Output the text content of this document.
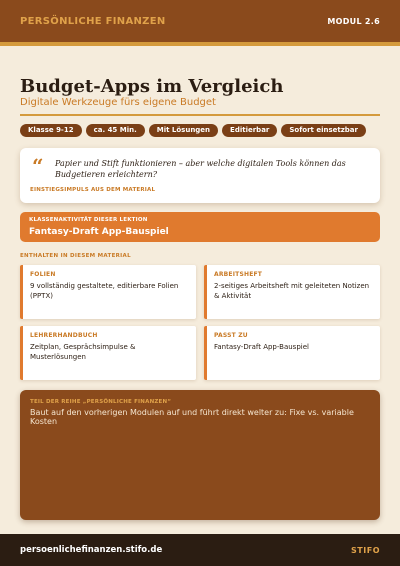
PERSÖNLICHE FINANZEN	MODUL 2.6
Budget-Apps im Vergleich
Digitale Werkzeuge fürs eigene Budget
Klasse 9-12	ca. 45 Min.	Mit Lösungen	Editierbar	Sofort einsetzbar
“ Papier und Stift funktionieren – aber welche digitalen Tools können das Budgetieren erleichtern?
EINSTIEGSIMPULS AUS DEM MATERIAL
KLASSENAKTIVITÄT DIESER LEKTION
Fantasy-Draft App-Bauspiel
ENTHALTEN IN DIESEM MATERIAL
FOLIEN
9 vollständig gestaltete, editierbare Folien (PPTX)
ARBEITSHEFT
2-seitiges Arbeitsheft mit geleiteten Notizen & Aktivität
LEHRERHANDBUCH
Zeitplan, Gesprächsimpulse & Musterlösungen
PASST ZU
Fantasy-Draft App-Bauspiel
TEIL DER REIHE „PERSÖNLICHE FINANZEN“
Baut auf den vorherigen Modulen auf und führt direkt welter zu: Fixe vs. variable Kosten
persoenlichefinanzen.stifo.de	STIFO
